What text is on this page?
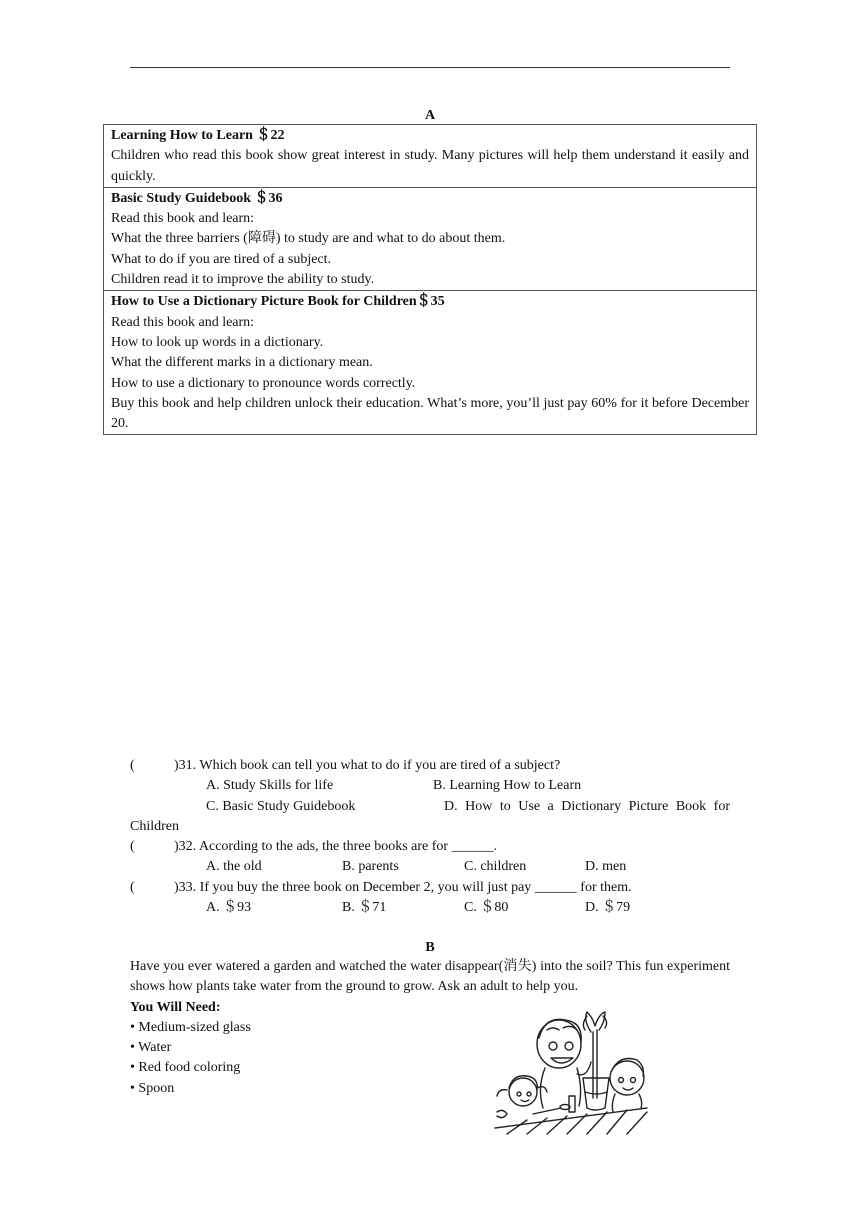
A
Learning How to Learn ＄22
Children who read this book show great interest in study. Many pictures will help them understand it easily and quickly.

Basic Study Guidebook ＄36
Read this book and learn:
What the three barriers (障碍) to study are and what to do about them.
What to do if you are tired of a subject.
Children read it to improve the ability to study.

How to Use a Dictionary Picture Book for Children＄35
Read this book and learn:
How to look up words in a dictionary.
What the different marks in a dictionary mean.
How to use a dictionary to pronounce words correctly.
Buy this book and help children unlock their education. What’s more, you’ll just pay 60% for it before December 20.
(	)31. Which book can tell you what to do if you are tired of a subject?
A. Study Skills for life	B. Learning How to Learn
C. Basic Study Guidebook	D. How to Use a Dictionary Picture Book for
Children
(	)32. According to the ads, the three books are for ______.
A. the old	B. parents	C. children	D. men
(	)33. If you buy the three book on December 2, you will just pay ______ for them.
A. ＄93	B. ＄71	C. ＄80	D. ＄79
B
Have you ever watered a garden and watched the water disappear(消失) into the soil? This fun experiment shows how plants take water from the ground to grow. Ask an adult to help you.
You Will Need:
• Medium-sized glass
• Water
• Red food coloring
• Spoon
